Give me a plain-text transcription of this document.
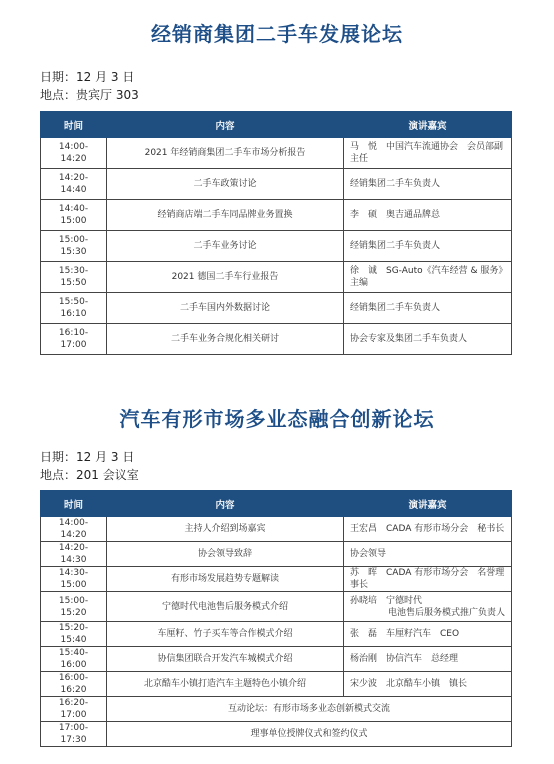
经销商集团二手车发展论坛
日期：12 月 3 日
地点：贵宾厅 303
时间	内容	演讲嘉宾
14:00-14:20	2021 年经销商集团二手车市场分析报告	马　悦　中国汽车流通协会　会员部副主任
14:20-14:40	二手车政策讨论	经销集团二手车负责人
14:40-15:00	经销商店端二手车同品牌业务置换	李　硕　奥吉通品牌总
15:00-15:30	二手车业务讨论	经销集团二手车负责人
15:30-15:50	2021 德国二手车行业报告	徐　诚　SG-Auto《汽车经营 & 服务》　主编
15:50-16:10	二手车国内外数据讨论	经销集团二手车负责人
16:10-17:00	二手车业务合规化相关研讨	协会专家及集团二手车负责人
汽车有形市场多业态融合创新论坛
日期：12 月 3 日
地点：201 会议室
时间	内容	演讲嘉宾
14:00-14:20	主持人介绍到场嘉宾	王宏昌　CADA 有形市场分会　秘书长
14:20-14:30	协会领导致辞	协会领导
14:30-15:00	有形市场发展趋势专题解读	苏　晖　CADA 有形市场分会　名誉理事长
15:00-15:20	宁德时代电池售后服务模式介绍	孙晓培　宁德时代
电池售后服务模式推广负责人

15:20-15:40	车厘籽、竹子买车等合作模式介绍	张　磊　车厘籽汽车　CEO
15:40-16:00	协信集团联合开发汽车城模式介绍	杨治刚　协信汽车　总经理
16:00-16:20	北京酷车小镇打造汽车主题特色小镇介绍	宋少波　北京酷车小镇　镇长
16:20-17:00	互动论坛：有形市场多业态创新模式交流	
17:00-17:30	理事单位授牌仪式和签约仪式	
